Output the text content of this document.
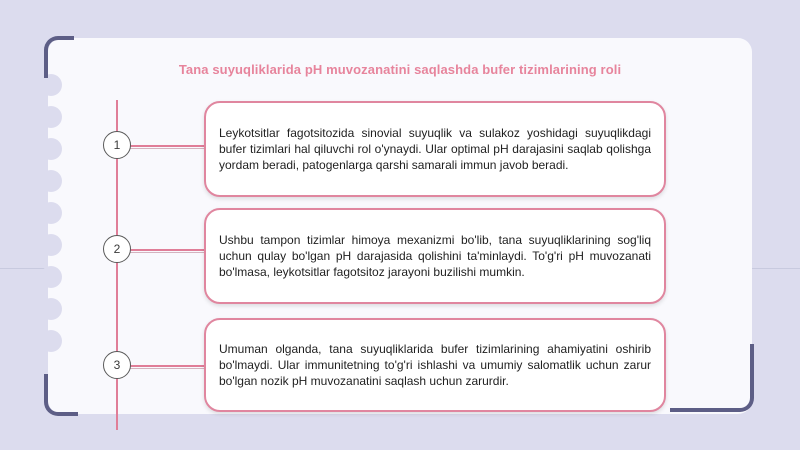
Tana suyuqliklarida pH muvozanatini saqlashda bufer tizimlarining roli
1
Leykotsitlar fagotsitozida sinovial suyuqlik va sulakoz yoshidagi suyuqlikdagi bufer tizimlari hal qiluvchi rol o'ynaydi. Ular optimal pH darajasini saqlab qolishga yordam beradi, patogenlarga qarshi samarali immun javob beradi.
2
Ushbu tampon tizimlar himoya mexanizmi bo'lib, tana suyuqliklarining sog'liq uchun qulay bo'lgan pH darajasida qolishini ta'minlaydi. To'g'ri pH muvozanati bo'lmasa, leykotsitlar fagotsitoz jarayoni buzilishi mumkin.
3
Umuman olganda, tana suyuqliklarida bufer tizimlarining ahamiyatini oshirib bo'lmaydi. Ular immunitetning to'g'ri ishlashi va umumiy salomatlik uchun zarur bo'lgan nozik pH muvozanatini saqlash uchun zarurdir.
